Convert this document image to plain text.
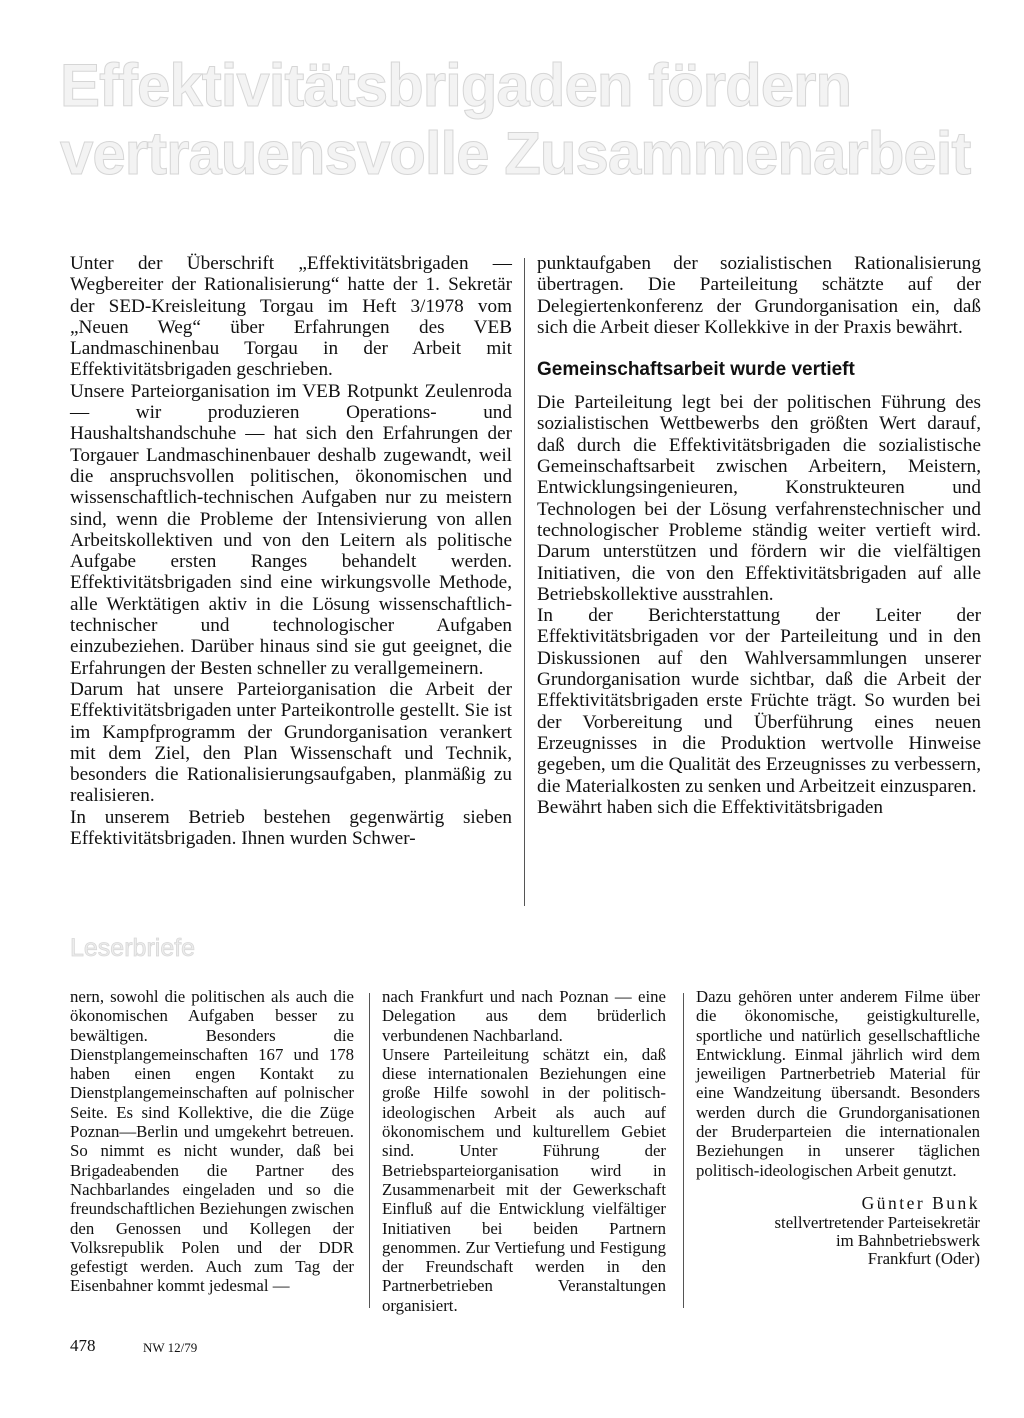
Effektivitätsbrigaden fördern
vertrauensvolle Zusammenarbeit

Unter der Überschrift „Effektivitätsbrigaden — Wegbereiter der Rationalisierung“ hatte der 1. Sekretär der SED-Kreisleitung Torgau im Heft 3/1978 vom „Neuen Weg“ über Erfahrungen des VEB Landmaschinenbau Torgau in der Arbeit mit Effektivitätsbrigaden geschrieben.

Unsere Parteiorganisation im VEB Rotpunkt Zeulenroda — wir produzieren Operations- und Haushaltshandschuhe — hat sich den Erfahrungen der Torgauer Landmaschinenbauer deshalb zugewandt, weil die anspruchsvollen politischen, ökonomischen und wissenschaftlich-technischen Aufgaben nur zu meistern sind, wenn die Probleme der Intensivierung von allen Arbeitskollektiven und von den Leitern als politische Aufgabe ersten Ranges behandelt werden. Effektivitätsbrigaden sind eine wirkungsvolle Methode, alle Werktätigen aktiv in die Lösung wissenschaftlich-technischer und technologischer Aufgaben einzubeziehen. Darüber hinaus sind sie gut geeignet, die Erfahrungen der Besten schneller zu verallgemeinern.

Darum hat unsere Parteiorganisation die Arbeit der Effektivitätsbrigaden unter Parteikontrolle gestellt. Sie ist im Kampfprogramm der Grundorganisation verankert mit dem Ziel, den Plan Wissenschaft und Technik, besonders die Rationalisierungsaufgaben, planmäßig zu realisieren.

In unserem Betrieb bestehen gegenwärtig sieben Effektivitätsbrigaden. Ihnen wurden Schwer-

punktaufgaben der sozialistischen Rationalisierung übertragen. Die Parteileitung schätzte auf der Delegiertenkonferenz der Grundorganisation ein, daß sich die Arbeit dieser Kollekkive in der Praxis bewährt.

Gemeinschaftsarbeit wurde vertieft

Die Parteileitung legt bei der politischen Führung des sozialistischen Wettbewerbs den größten Wert darauf, daß durch die Effektivitätsbrigaden die sozialistische Gemeinschaftsarbeit zwischen Arbeitern, Meistern, Entwicklungsingenieuren, Konstrukteuren und Technologen bei der Lösung verfahrenstechnischer und technologischer Probleme ständig weiter vertieft wird. Darum unterstützen und fördern wir die vielfältigen Initiativen, die von den Effektivitätsbrigaden auf alle Betriebskollektive ausstrahlen.

In der Berichterstattung der Leiter der Effektivitätsbrigaden vor der Parteileitung und in den Diskussionen auf den Wahlversammlungen unserer Grundorganisation wurde sichtbar, daß die Arbeit der Effektivitätsbrigaden erste Früchte trägt. So wurden bei der Vorbereitung und Überführung eines neuen Erzeugnisses in die Produktion wertvolle Hinweise gegeben, um die Qualität des Erzeugnisses zu verbessern, die Materialkosten zu senken und Arbeitzeit einzusparen.

Bewährt haben sich die Effektivitätsbrigaden

Leserbriefe

nern, sowohl die politischen als auch die ökonomischen Aufgaben besser zu bewältigen. Besonders die Dienstplangemeinschaften 167 und 178 haben einen engen Kontakt zu Dienstplangemeinschaften auf polnischer Seite. Es sind Kollektive, die die Züge Poznan—Berlin und umgekehrt betreuen. So nimmt es nicht wunder, daß bei Brigadeabenden die Partner des Nachbarlandes eingeladen und so die freundschaftlichen Beziehungen zwischen den Genossen und Kollegen der Volksrepublik Polen und der DDR gefestigt werden. Auch zum Tag der Eisenbahner kommt jedesmal —

nach Frankfurt und nach Poznan — eine Delegation aus dem brüderlich verbundenen Nachbarland.

Unsere Parteileitung schätzt ein, daß diese internationalen Beziehungen eine große Hilfe sowohl in der politisch-ideologischen Arbeit als auch auf ökonomischem und kulturellem Gebiet sind. Unter Führung der Betriebsparteiorganisation wird in Zusammenarbeit mit der Gewerkschaft Einfluß auf die Entwicklung vielfältiger Initiativen bei beiden Partnern genommen. Zur Vertiefung und Festigung der Freundschaft werden in den Partnerbetrieben Veranstaltungen organisiert.

Dazu gehören unter anderem Filme über die ökonomische, geistigkulturelle, sportliche und natürlich gesellschaftliche Entwicklung. Einmal jährlich wird dem jeweiligen Partnerbetrieb Material für eine Wandzeitung übersandt. Besonders werden durch die Grundorganisationen der Bruderparteien die internationalen Beziehungen in unserer täglichen politisch-ideologischen Arbeit genutzt.

Günter Bunk
stellvertretender Parteisekretär
im Bahnbetriebswerk
Frankfurt (Oder)
478	NW 12/79
